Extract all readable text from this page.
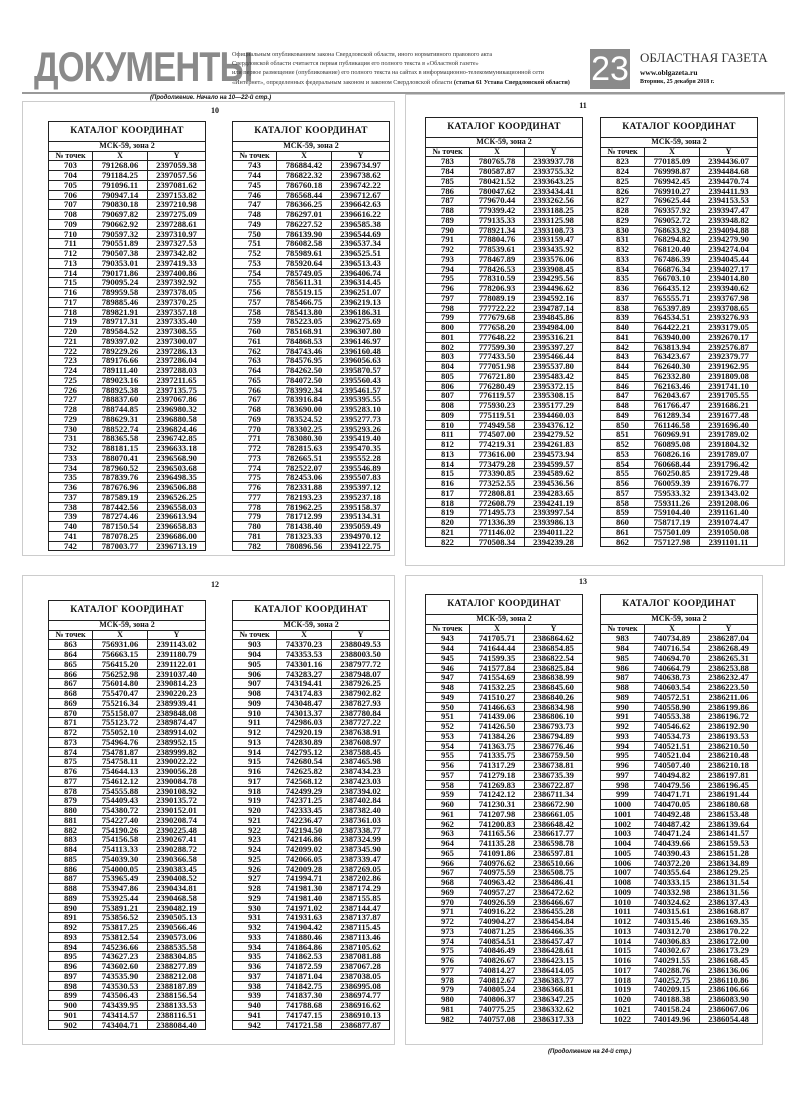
ДОКУМЕНТЫ
Официальным опубликованием закона Свердловской области, иного нормативного правового акта
Свердловской области считается первая публикация его полного текста в «Областной газете»
или первое размещение (опубликование) его полного текста на сайтах в информационно-телекоммуникационной сети
«Интернет», определенных федеральным законом и законом Свердловской области (статья 61 Устава Свердловской области) 23 ОБЛАСТНАЯ ГАЗЕТА
www.oblgazeta.ru
Вторник, 25 декабря 2018 г.
(Продолжение. Начало на 10—22-й стр.)
(Продолжение на 24-й стр.)
10
КАТАЛОГ КООРДИНАТ		
МСК-59, зона 2		
№ точек	X	Y
703	791268.06	2397059.38
704	791184.25	2397057.56
705	791096.11	2397081.62
706	790947.14	2397153.82
707	790830.18	2397210.98
708	790697.82	2397275.09
709	790662.92	2397288.61
710	790597.32	2397310.97
711	790551.89	2397327.53
712	790507.38	2397342.82
713	790353.01	2397419.33
714	790171.86	2397400.86
715	790095.24	2397392.92
716	789959.58	2397378.05
717	789885.46	2397370.25
718	789821.91	2397357.18
719	789717.31	2397335.40
720	789584.52	2397308.55
721	789397.02	2397300.07
722	789229.26	2397286.13
723	789176.66	2397286.04
724	789111.40	2397288.03
725	789023.16	2397211.65
726	788925.38	2397135.75
727	788837.60	2397067.86
728	788744.85	2396980.32
729	788629.31	2396880.58
730	788522.74	2396824.46
731	788365.58	2396742.85
732	788181.15	2396633.18
733	788070.41	2396568.90
734	787960.52	2396503.68
735	787839.76	2396498.35
736	787676.96	2396506.88
737	787589.19	2396526.25
738	787442.56	2396558.03
739	787274.46	2396613.94
740	787150.54	2396658.83
741	787078.25	2396686.00
742	787003.77	2396713.19
КАТАЛОГ КООРДИНАТ		
МСК-59, зона 2		
№ точек	X	Y
743	786884.42	2396734.97
744	786822.32	2396738.62
745	786760.18	2396742.22
746	786568.44	2396712.67
747	786366.25	2396642.63
748	786297.01	2396616.22
749	786227.52	2396585.38
750	786139.90	2396544.69
751	786082.58	2396537.34
752	785989.61	2396525.51
753	785920.64	2396513.43
754	785749.05	2396406.74
755	785611.31	2396314.45
756	785519.15	2396251.07
757	785466.75	2396219.13
758	785413.80	2396186.31
759	785223.05	2396275.69
760	785168.91	2396307.80
761	784868.53	2396146.97
762	784743.46	2396160.48
763	784576.95	2396056.63
764	784262.50	2395870.57
765	784072.50	2395560.43
766	783992.34	2395461.57
767	783916.84	2395395.55
768	783690.00	2395283.10
769	783524.52	2395277.73
770	783302.25	2395293.26
771	783080.30	2395419.40
772	782815.63	2395470.35
773	782665.51	2395552.28
774	782522.07	2395546.89
775	782453.06	2395507.83
776	782331.88	2395397.12
777	782193.23	2395237.18
778	781962.25	2395158.37
779	781712.99	2395134.31
780	781438.40	2395059.49
781	781323.33	2394970.12
782	780896.56	2394122.75
11
КАТАЛОГ КООРДИНАТ		
МСК-59, зона 2		
№ точек	X	Y
783	780765.78	2393937.78
784	780587.87	2393755.32
785	780421.52	2393643.25
786	780047.62	2393434.41
787	779670.44	2393262.56
788	779399.42	2393188.25
789	779135.33	2393125.98
790	778921.34	2393108.73
791	778804.76	2393159.47
792	778539.61	2393435.92
793	778467.89	2393576.06
794	778426.53	2393908.45
795	778310.59	2394295.56
796	778206.93	2394496.62
797	778089.19	2394592.16
798	777722.22	2394787.14
799	777679.68	2394845.86
800	777658.20	2394984.00
801	777648.22	2395316.21
802	777599.30	2395397.27
803	777433.50	2395466.44
804	777051.98	2395537.80
805	776721.80	2395483.42
806	776280.49	2395372.15
807	776119.57	2395308.15
808	775930.23	2395177.29
809	775119.51	2394460.03
810	774949.58	2394376.12
811	774507.00	2394279.52
812	774219.31	2394261.83
813	773616.00	2394573.94
814	773479.28	2394599.57
815	773390.85	2394589.62
816	773252.55	2394536.56
817	772808.81	2394283.65
818	772608.79	2394241.19
819	771495.73	2393997.54
820	771336.39	2393986.13
821	771146.02	2394011.22
822	770508.34	2394239.28
КАТАЛОГ КООРДИНАТ		
МСК-59, зона 2		
№ точек	X	Y
823	770185.09	2394436.07
824	769998.87	2394484.68
825	769942.45	2394470.74
826	769910.27	2394411.93
827	769625.44	2394153.53
828	769357.92	2393947.47
829	769052.72	2393948.82
830	768633.92	2394094.88
831	768294.82	2394279.90
832	768120.40	2394274.04
833	767486.39	2394045.44
834	766876.34	2394027.17
835	766703.10	2394014.80
836	766435.12	2393940.62
837	765555.71	2393767.98
838	765397.89	2393708.65
839	764534.51	2393276.93
840	764422.21	2393179.05
841	763940.00	2392670.17
842	763813.94	2392576.87
843	763423.67	2392379.77
844	762640.30	2391962.95
845	762332.80	2391809.08
846	762163.46	2391741.10
847	762043.67	2391705.55
848	761766.47	2391686.21
849	761289.34	2391677.48
850	761146.58	2391696.40
851	760969.91	2391789.02
852	760895.08	2391804.32
853	760826.16	2391789.07
854	760668.44	2391796.42
855	760250.85	2391729.48
856	760059.39	2391676.77
857	759533.32	2391343.02
858	759311.26	2391208.06
859	759104.40	2391161.40
860	758717.19	2391074.47
861	757501.09	2391050.08
862	757127.98	2391101.11
12
КАТАЛОГ КООРДИНАТ		
МСК-59, зона 2		
№ точек	X	Y
863	756931.06	2391143.02
864	756663.15	2391180.79
865	756415.20	2391122.01
866	756252.98	2391037.40
867	756014.80	2390814.23
868	755470.47	2390220.23
869	755216.34	2389939.41
870	755158.07	2389848.08
871	755123.72	2389874.47
872	755052.10	2389914.02
873	754964.76	2389952.15
874	754781.87	2389999.82
875	754758.11	2390022.22
876	754644.13	2390056.28
877	754612.12	2390084.78
878	754555.88	2390108.92
879	754409.43	2390135.72
880	754380.72	2390152.01
881	754227.40	2390208.74
882	754190.26	2390225.48
883	754156.58	2390267.41
884	754113.33	2390288.72
885	754039.30	2390366.58
886	754000.05	2390383.45
887	753965.49	2390408.52
888	753947.86	2390434.81
889	753925.44	2390468.58
890	753891.21	2390482.19
891	753856.52	2390505.13
892	753817.25	2390566.46
893	753812.54	2390573.06
894	745236.66	2388535.58
895	743627.23	2388304.85
896	743602.60	2388277.89
897	743535.90	2388212.08
898	743530.53	2388187.89
899	743506.43	2388156.54
900	743439.95	2388133.53
901	743414.57	2388116.51
902	743404.71	2388084.40
КАТАЛОГ КООРДИНАТ		
МСК-59, зона 2		
№ точек	X	Y
903	743370.23	2388049.53
904	743353.53	2388003.50
905	743301.16	2387977.72
906	743283.27	2387948.07
907	743194.41	2387926.25
908	743174.83	2387902.82
909	743048.47	2387827.93
910	743013.37	2387780.84
911	742986.03	2387727.22
912	742920.19	2387638.91
913	742830.89	2387608.97
914	742795.12	2387588.45
915	742680.54	2387465.98
916	742625.82	2387434.23
917	742568.12	2387423.03
918	742499.29	2387394.02
919	742371.25	2387402.84
920	742333.45	2387382.40
921	742236.47	2387361.03
922	742194.50	2387338.77
923	742146.86	2387324.99
924	742099.02	2387345.90
925	742066.05	2387339.47
926	742009.28	2387269.05
927	741994.71	2387202.86
928	741981.30	2387174.29
929	741981.40	2387155.85
930	741971.02	2387144.47
931	741931.63	2387137.87
932	741904.42	2387115.45
933	741880.46	2387113.46
934	741864.86	2387105.62
935	741862.53	2387081.88
936	741872.59	2387067.28
937	741871.04	2387038.05
938	741842.75	2386995.08
939	741837.30	2386974.77
940	741788.68	2386916.62
941	741747.15	2386910.13
942	741721.58	2386877.87
13
КАТАЛОГ КООРДИНАТ		
МСК-59, зона 2		
№ точек	X	Y
943	741705.71	2386864.62
944	741644.44	2386854.85
945	741599.35	2386822.54
946	741577.84	2386825.84
947	741554.69	2386838.99
948	741532.25	2386845.60
949	741510.27	2386840.26
950	741466.63	2386834.98
951	741439.06	2386806.10
952	741426.50	2386793.73
953	741384.26	2386794.89
954	741363.75	2386776.46
955	741335.75	2386759.50
956	741317.29	2386738.81
957	741279.18	2386735.39
958	741269.83	2386722.87
959	741242.12	2386711.34
960	741230.31	2386672.90
961	741207.98	2386661.05
962	741200.83	2386648.42
963	741165.56	2386617.77
964	741135.28	2386598.78
965	741091.86	2386597.81
966	740976.62	2386510.66
967	740975.59	2386508.75
968	740963.42	2386486.41
969	740957.27	2386472.62
970	740926.59	2386466.67
971	740916.22	2386455.28
972	740904.27	2386454.84
973	740871.25	2386466.35
974	740854.51	2386457.47
975	740846.49	2386428.61
976	740826.67	2386423.15
977	740814.27	2386414.05
978	740812.67	2386383.77
979	740805.24	2386366.81
980	740806.37	2386347.25
981	740775.25	2386332.62
982	740757.08	2386317.33
КАТАЛОГ КООРДИНАТ		
МСК-59, зона 2		
№ точек	X	Y
983	740734.89	2386287.04
984	740716.54	2386268.49
985	740694.70	2386265.31
986	740664.79	2386253.88
987	740638.73	2386232.47
988	740603.54	2386223.50
989	740572.51	2386211.06
990	740558.90	2386199.86
991	740553.38	2386196.72
992	740546.62	2386192.90
993	740534.73	2386193.53
994	740521.51	2386210.50
995	740521.04	2386210.48
996	740507.40	2386210.18
997	740494.82	2386197.81
998	740479.56	2386196.45
999	740471.71	2386191.44
1000	740470.05	2386180.68
1001	740492.48	2386153.48
1002	740487.42	2386139.64
1003	740471.24	2386141.57
1004	740439.66	2386159.53
1005	740390.43	2386151.28
1006	740372.20	2386134.89
1007	740355.64	2386129.25
1008	740333.15	2386131.54
1009	740332.98	2386131.56
1010	740324.62	2386137.43
1011	740315.61	2386168.87
1012	740315.46	2386169.35
1013	740312.70	2386170.22
1014	740306.83	2386172.00
1015	740302.67	2386173.29
1016	740291.55	2386168.45
1017	740288.76	2386136.06
1018	740252.75	2386110.86
1019	740209.15	2386106.66
1020	740188.38	2386083.90
1021	740158.24	2386067.06
1022	740149.96	2386054.48
